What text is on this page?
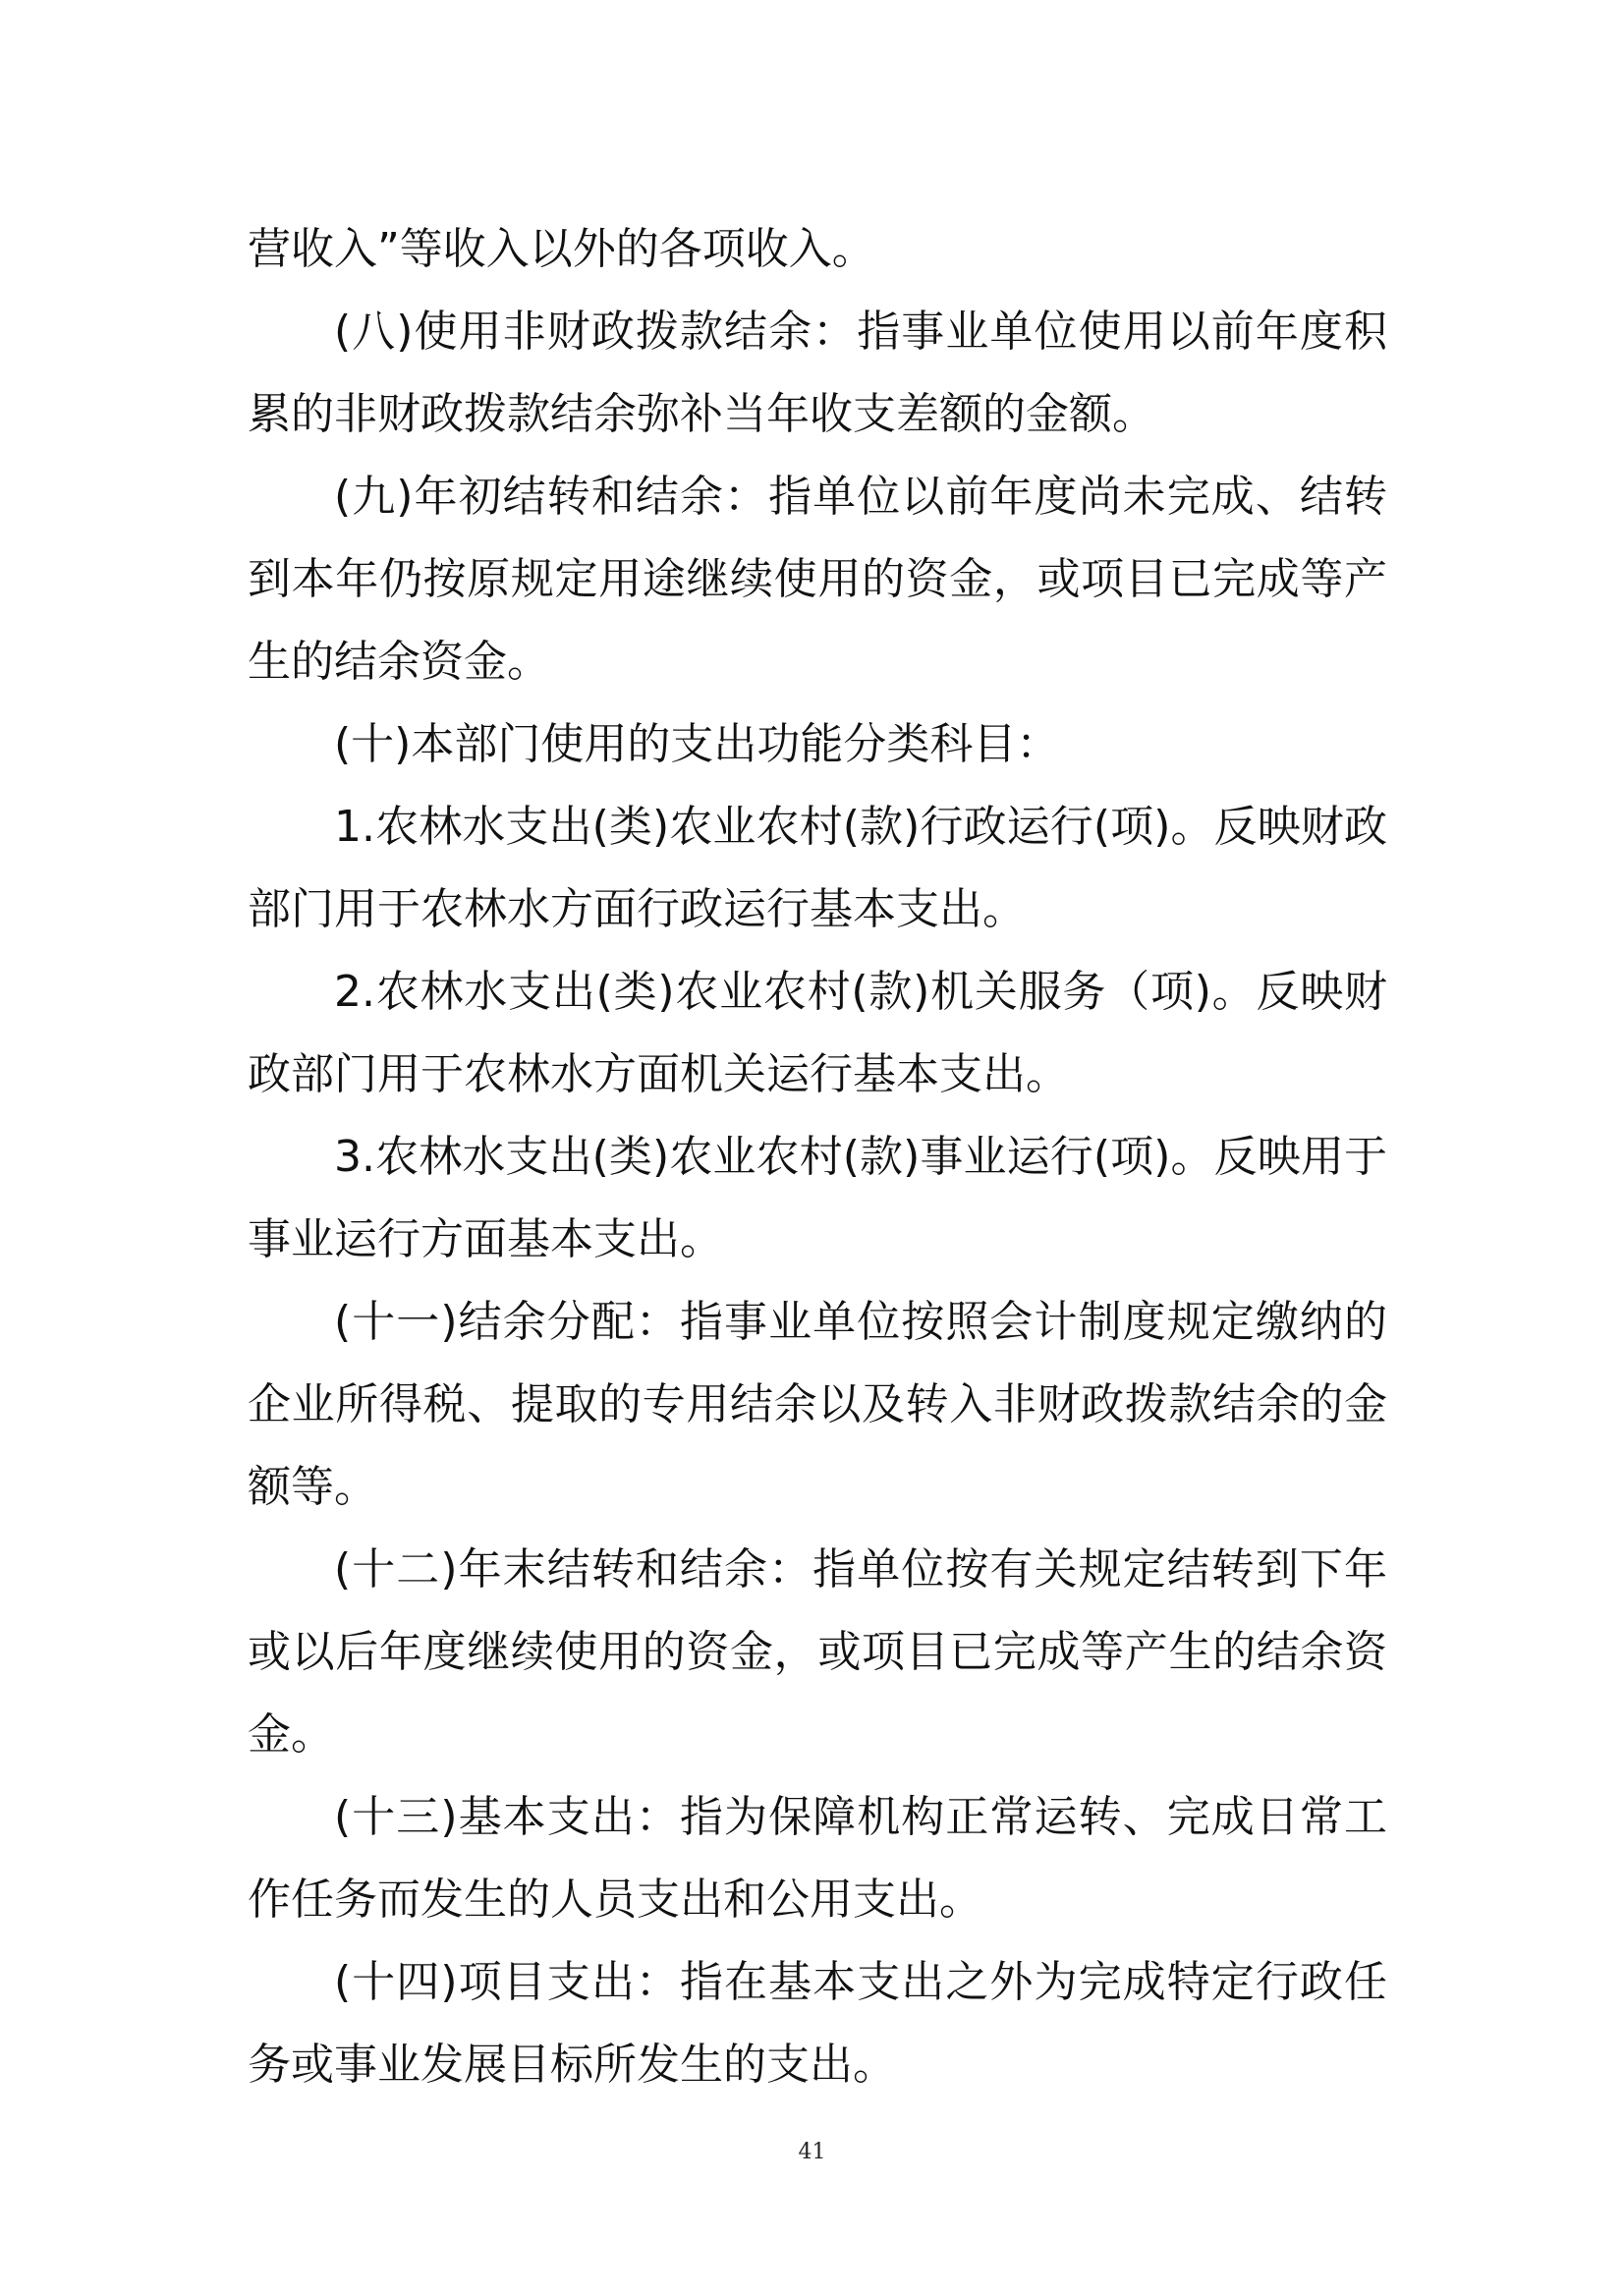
营收入”等收入以外的各项收入。

(八)使用非财政拨款结余：指事业单位使用以前年度积累的非财政拨款结余弥补当年收支差额的金额。

(九)年初结转和结余：指单位以前年度尚未完成、结转到本年仍按原规定用途继续使用的资金，或项目已完成等产生的结余资金。

(十)本部门使用的支出功能分类科目：

1.农林水支出(类)农业农村(款)行政运行(项)。反映财政部门用于农林水方面行政运行基本支出。

2.农林水支出(类)农业农村(款)机关服务（项)。反映财政部门用于农林水方面机关运行基本支出。

3.农林水支出(类)农业农村(款)事业运行(项)。反映用于事业运行方面基本支出。

(十一)结余分配：指事业单位按照会计制度规定缴纳的企业所得税、提取的专用结余以及转入非财政拨款结余的金额等。

(十二)年末结转和结余：指单位按有关规定结转到下年或以后年度继续使用的资金，或项目已完成等产生的结余资金。

(十三)基本支出：指为保障机构正常运转、完成日常工作任务而发生的人员支出和公用支出。

(十四)项目支出：指在基本支出之外为完成特定行政任务或事业发展目标所发生的支出。

41
